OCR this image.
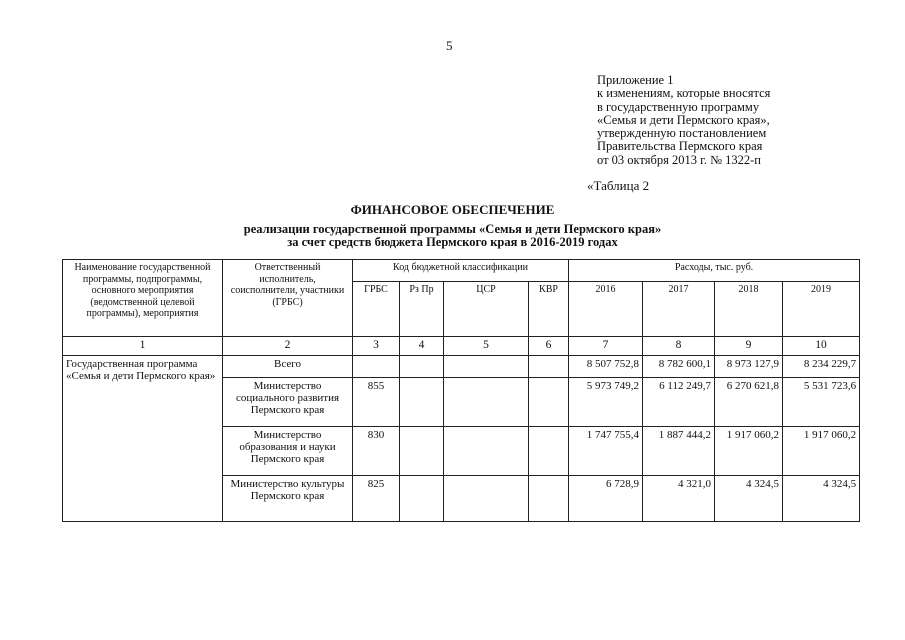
5
Приложение 1
к изменениям, которые вносятся
в государственную программу
«Семья и дети Пермского края»,
утвержденную постановлением
Правительства Пермского края
от 03 октября 2013 г. № 1322-п
«Таблица 2
ФИНАНСОВОЕ ОБЕСПЕЧЕНИЕ
реализации государственной программы «Семья и дети Пермского края»
за счет средств бюджета Пермского края в 2016-2019 годах
Наименование государственной программы, подпрограммы, основного мероприятия (ведомственной целевой программы), мероприятия	Ответственный исполнитель, соисполнители, участники (ГРБС)	Код бюджетной классификации				Расходы, тыс. руб.			
		ГРБС	Рз Пр	ЦСР	КВР	2016	2017	2018	2019
1	2	3	4	5	6	7	8	9	10
Государственная программа «Семья и дети Пермского края»	Всего					8 507 752,8	8 782 600,1	8 973 127,9	8 234 229,7
	Министерство социального развития Пермского края	855				5 973 749,2	6 112 249,7	6 270 621,8	5 531 723,6
	Министерство образования и науки Пермского края	830				1 747 755,4	1 887 444,2	1 917 060,2	1 917 060,2
	Министерство культуры Пермского края	825				6 728,9	4 321,0	4 324,5	4 324,5
